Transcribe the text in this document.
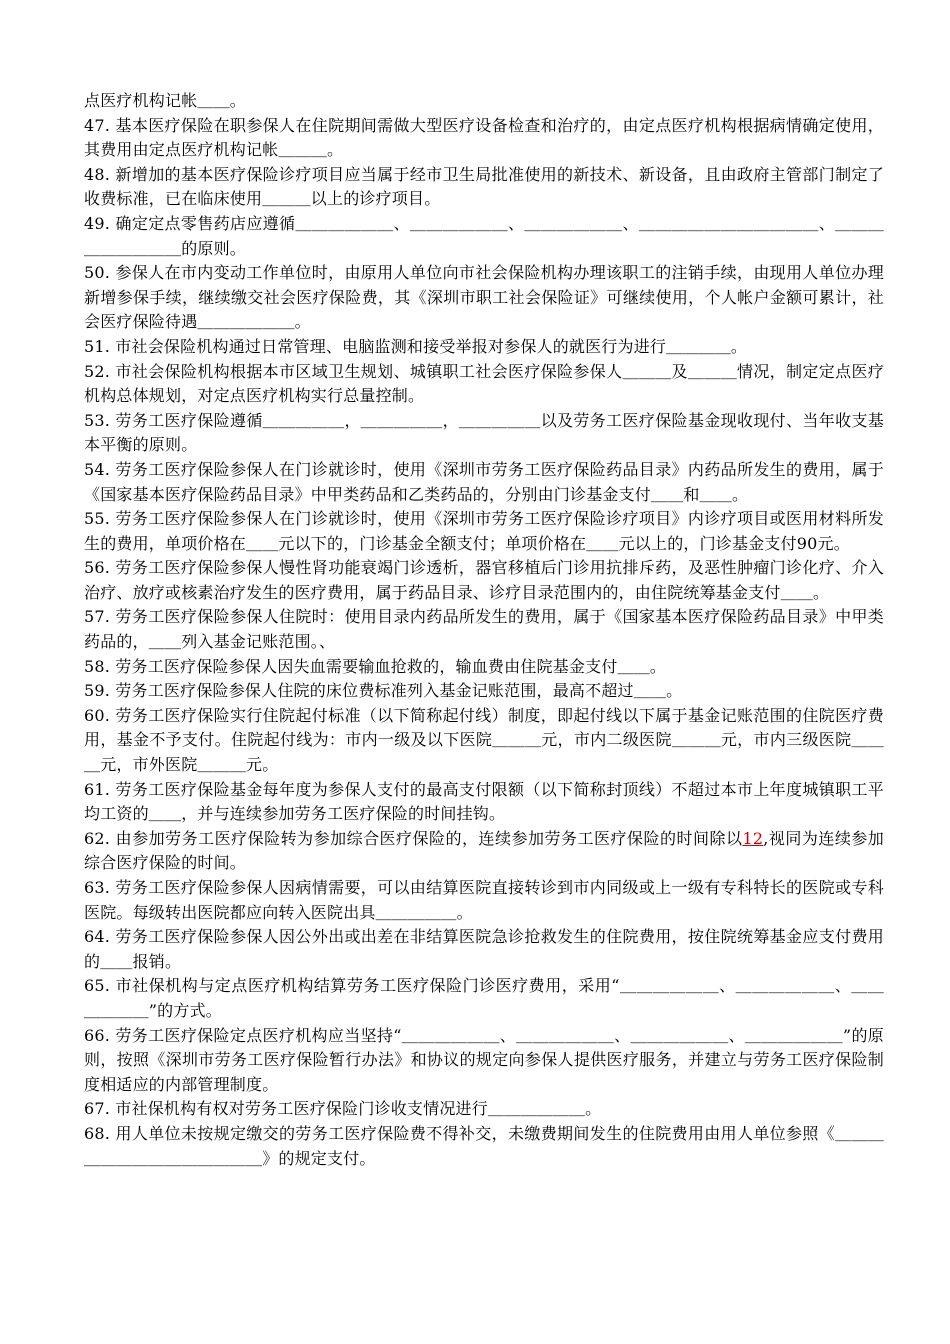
点医疗机构记帐＿＿。

47. 基本医疗保险在职参保人在住院期间需做大型医疗设备检查和治疗的，由定点医疗机构根据病情确定使用，其费用由定点医疗机构记帐＿＿＿。

48. 新增加的基本医疗保险诊疗项目应当属于经市卫生局批准使用的新技术、新设备，且由政府主管部门制定了收费标准，已在临床使用＿＿＿以上的诊疗项目。

49. 确定定点零售药店应遵循＿＿＿＿＿＿、＿＿＿＿＿＿、＿＿＿＿＿＿、＿＿＿＿＿＿＿＿＿＿＿、＿＿＿＿＿＿＿＿＿的原则。

50. 参保人在市内变动工作单位时，由原用人单位向市社会保险机构办理该职工的注销手续，由现用人单位办理新增参保手续，继续缴交社会医疗保险费，其《深圳市职工社会保险证》可继续使用，个人帐户金额可累计，社会医疗保险待遇＿＿＿＿＿＿。

51. 市社会保险机构通过日常管理、电脑监测和接受举报对参保人的就医行为进行＿＿＿＿。

52. 市社会保险机构根据本市区域卫生规划、城镇职工社会医疗保险参保人＿＿＿及＿＿＿情况，制定定点医疗机构总体规划，对定点医疗机构实行总量控制。

53. 劳务工医疗保险遵循＿＿＿＿＿，＿＿＿＿＿，＿＿＿＿＿以及劳务工医疗保险基金现收现付、当年收支基本平衡的原则。

54. 劳务工医疗保险参保人在门诊就诊时，使用《深圳市劳务工医疗保险药品目录》内药品所发生的费用，属于《国家基本医疗保险药品目录》中甲类药品和乙类药品的，分别由门诊基金支付＿＿和＿＿。

55. 劳务工医疗保险参保人在门诊就诊时，使用《深圳市劳务工医疗保险诊疗项目》内诊疗项目或医用材料所发生的费用，单项价格在＿＿元以下的，门诊基金全额支付；单项价格在＿＿元以上的，门诊基金支付90元。

56. 劳务工医疗保险参保人慢性肾功能衰竭门诊透析，器官移植后门诊用抗排斥药，及恶性肿瘤门诊化疗、介入治疗、放疗或核素治疗发生的医疗费用，属于药品目录、诊疗目录范围内的，由住院统筹基金支付＿＿。

57. 劳务工医疗保险参保人住院时：使用目录内药品所发生的费用，属于《国家基本医疗保险药品目录》中甲类药品的，＿＿列入基金记账范围。、

58. 劳务工医疗保险参保人因失血需要输血抢救的，输血费由住院基金支付＿＿。

59. 劳务工医疗保险参保人住院的床位费标准列入基金记账范围，最高不超过＿＿。

60. 劳务工医疗保险实行住院起付标准（以下简称起付线）制度，即起付线以下属于基金记账范围的住院医疗费用，基金不予支付。住院起付线为：市内一级及以下医院＿＿＿元，市内二级医院＿＿＿元，市内三级医院＿＿＿元，市外医院＿＿＿元。

61. 劳务工医疗保险基金每年度为参保人支付的最高支付限额（以下简称封顶线）不超过本市上年度城镇职工平均工资的＿＿，并与连续参加劳务工医疗保险的时间挂钩。

62. 由参加劳务工医疗保险转为参加综合医疗保险的，连续参加劳务工医疗保险的时间除以12,视同为连续参加综合医疗保险的时间。

63. 劳务工医疗保险参保人因病情需要，可以由结算医院直接转诊到市内同级或上一级有专科特长的医院或专科医院。每级转出医院都应向转入医院出具＿＿＿＿＿。

64. 劳务工医疗保险参保人因公外出或出差在非结算医院急诊抢救发生的住院费用，按住院统筹基金应支付费用的＿＿报销。

65. 市社保机构与定点医疗机构结算劳务工医疗保险门诊医疗费用，采用“＿＿＿＿＿＿、＿＿＿＿＿＿、＿＿＿＿＿＿”的方式。

66. 劳务工医疗保险定点医疗机构应当坚持“＿＿＿＿＿＿、＿＿＿＿＿＿、＿＿＿＿＿＿、＿＿＿＿＿＿”的原则，按照《深圳市劳务工医疗保险暂行办法》和协议的规定向参保人提供医疗服务，并建立与劳务工医疗保险制度相适应的内部管理制度。

67. 市社保机构有权对劳务工医疗保险门诊收支情况进行＿＿＿＿＿＿。

68. 用人单位未按规定缴交的劳务工医疗保险费不得补交，未缴费期间发生的住院费用由用人单位参照《＿＿＿＿＿＿＿＿＿＿＿＿＿＿》的规定支付。
